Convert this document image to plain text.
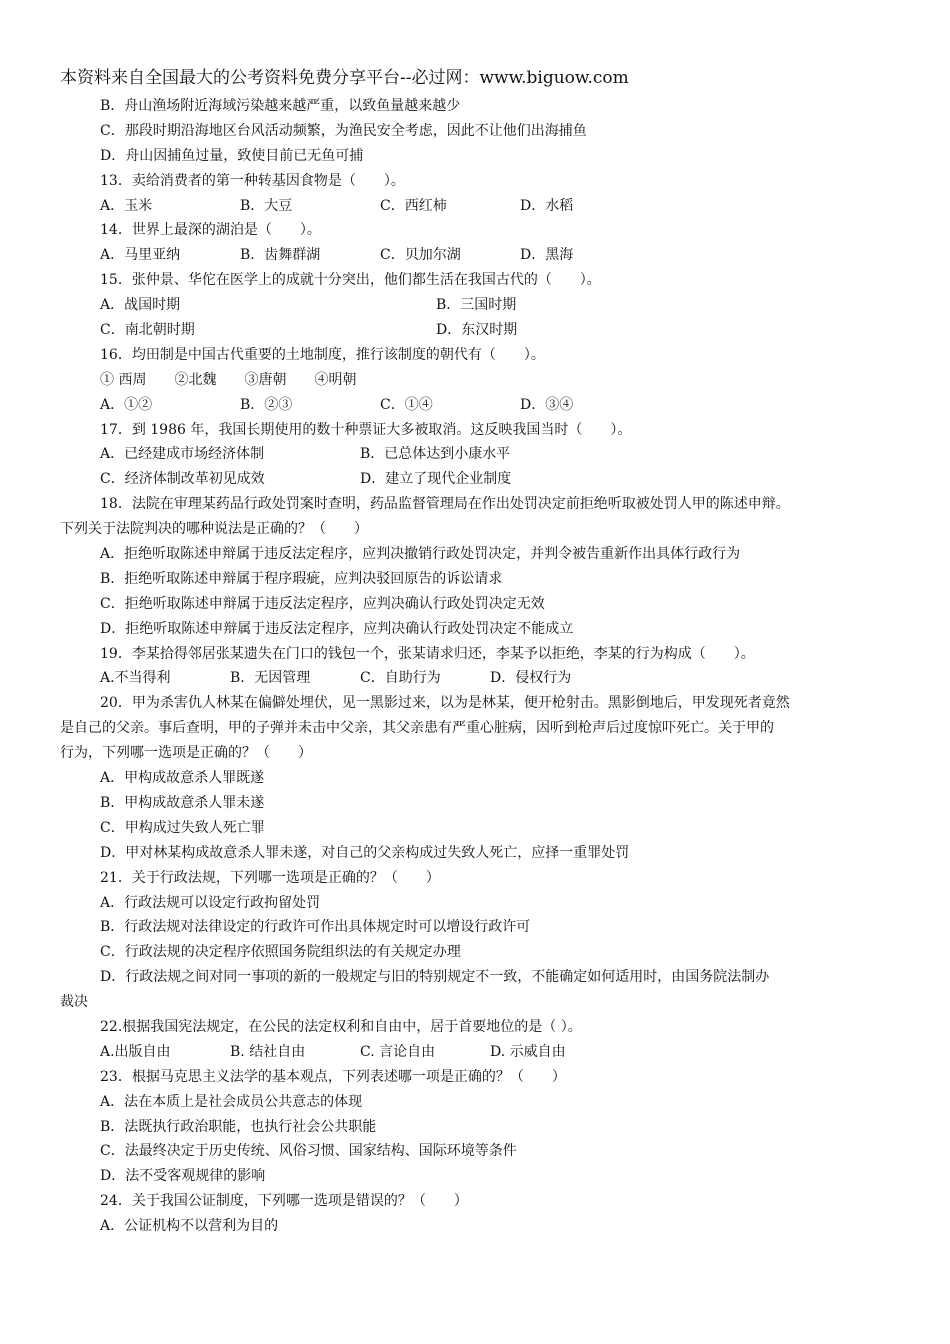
本资料来自全国最大的公考资料免费分享平台--必过网：www.biguow.com
B．舟山渔场附近海域污染越来越严重，以致鱼量越来越少
C．那段时期沿海地区台风活动频繁，为渔民安全考虑，因此不让他们出海捕鱼
D．舟山因捕鱼过量，致使目前已无鱼可捕
13．卖给消费者的第一种转基因食物是（　　）。
A．玉米	B．大豆	C．西红柿	D．水稻
14．世界上最深的湖泊是（　　）。
A．马里亚纳	B．齿舞群湖	C．贝加尔湖	D．黑海
15．张仲景、华佗在医学上的成就十分突出，他们都生活在我国古代的（　　）。
A．战国时期	B．三国时期
C．南北朝时期	D．东汉时期
16．均田制是中国古代重要的土地制度，推行该制度的朝代有（　　）。
① 西周　　②北魏　　③唐朝　　④明朝
A．①②	B．②③	C．①④	D．③④
17．到 1986 年，我国长期使用的数十种票证大多被取消。这反映我国当时（　　）。
A．已经建成市场经济体制	B．已总体达到小康水平
C．经济体制改革初见成效	D．建立了现代企业制度
18．法院在审理某药品行政处罚案时查明，药品监督管理局在作出处罚决定前拒绝听取被处罚人甲的陈述申辩。
下列关于法院判决的哪种说法是正确的？（　　）
A．拒绝听取陈述申辩属于违反法定程序，应判决撤销行政处罚决定，并判令被告重新作出具体行政行为
B．拒绝听取陈述申辩属于程序瑕疵，应判决驳回原告的诉讼请求
C．拒绝听取陈述申辩属于违反法定程序，应判决确认行政处罚决定无效
D．拒绝听取陈述申辩属于违反法定程序，应判决确认行政处罚决定不能成立
19．李某拾得邻居张某遗失在门口的钱包一个，张某请求归还，李某予以拒绝，李某的行为构成（　　）。
A.不当得利	B．无因管理	C．自助行为	D．侵权行为
20．甲为杀害仇人林某在偏僻处埋伏，见一黑影过来，以为是林某，便开枪射击。黑影倒地后，甲发现死者竟然
是自己的父亲。事后查明，甲的子弹并未击中父亲，其父亲患有严重心脏病，因听到枪声后过度惊吓死亡。关于甲的
行为，下列哪一选项是正确的？（　　）
A．甲构成故意杀人罪既遂
B．甲构成故意杀人罪未遂
C．甲构成过失致人死亡罪
D．甲对林某构成故意杀人罪未遂，对自己的父亲构成过失致人死亡，应择一重罪处罚
21．关于行政法规，下列哪一选项是正确的？（　　）
A．行政法规可以设定行政拘留处罚
B．行政法规对法律设定的行政许可作出具体规定时可以增设行政许可
C．行政法规的决定程序依照国务院组织法的有关规定办理
D．行政法规之间对同一事项的新的一般规定与旧的特别规定不一致，不能确定如何适用时，由国务院法制办
裁决
22.根据我国宪法规定，在公民的法定权利和自由中，居于首要地位的是（ ）。
A.出版自由	B. 结社自由	C. 言论自由	D. 示威自由
23．根据马克思主义法学的基本观点，下列表述哪一项是正确的？（　　）
A．法在本质上是社会成员公共意志的体现
B．法既执行政治职能，也执行社会公共职能
C．法最终决定于历史传统、风俗习惯、国家结构、国际环境等条件
D．法不受客观规律的影响
24．关于我国公证制度，下列哪一选项是错误的？（　　）
A．公证机构不以营利为目的
